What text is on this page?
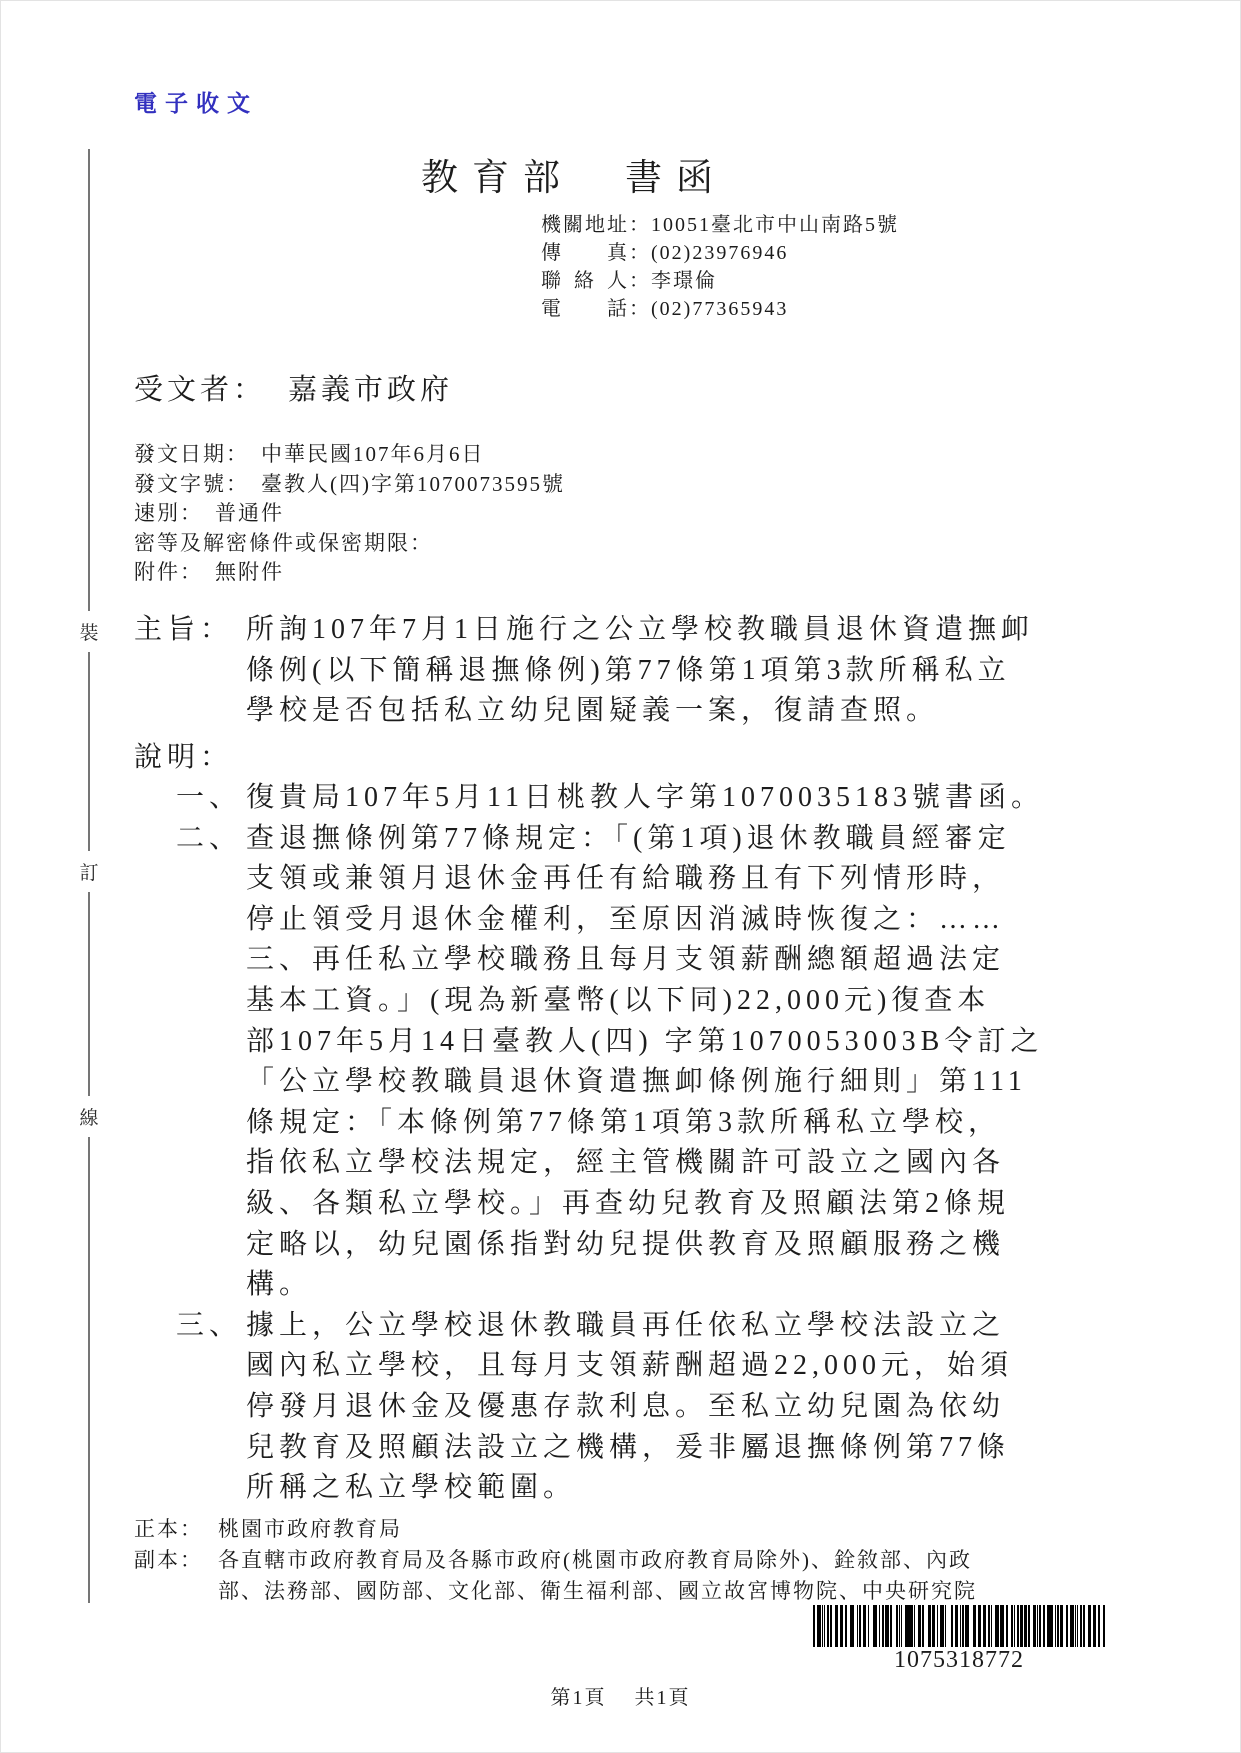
裝
訂
線
電子收文
教育部　書函
機關地址：10051臺北市中山南路5號
傳真：(02)23976946
聯絡人：李璟倫
電話：(02)77365943
受文者： 嘉義市政府
發文日期： 中華民國107年6月6日
發文字號： 臺教人(四)字第1070073595號
速別： 普通件
密等及解密條件或保密期限：
附件： 無附件
主旨： 所詢107年7月1日施行之公立學校教職員退休資遣撫卹
條例(以下簡稱退撫條例)第77條第1項第3款所稱私立
學校是否包括私立幼兒園疑義一案，復請查照。
說明：
一、 復貴局107年5月11日桃教人字第1070035183號書函。
二、 查退撫條例第77條規定：「(第1項)退休教職員經審定
支領或兼領月退休金再任有給職務且有下列情形時，
停止領受月退休金權利，至原因消滅時恢復之：……
三、再任私立學校職務且每月支領薪酬總額超過法定
基本工資。」(現為新臺幣(以下同)22,000元)復查本
部107年5月14日臺教人(四) 字第1070053003B令訂之
「公立學校教職員退休資遣撫卹條例施行細則」第111
條規定：「本條例第77條第1項第3款所稱私立學校，
指依私立學校法規定，經主管機關許可設立之國內各
級、各類私立學校。」再查幼兒教育及照顧法第2條規
定略以，幼兒園係指對幼兒提供教育及照顧服務之機
構。
三、 據上，公立學校退休教職員再任依私立學校法設立之
國內私立學校，且每月支領薪酬超過22,000元，始須
停發月退休金及優惠存款利息。至私立幼兒園為依幼
兒教育及照顧法設立之機構，爰非屬退撫條例第77條
所稱之私立學校範圍。
正本： 桃園市政府教育局
副本： 各直轄市政府教育局及各縣市政府(桃園市政府教育局除外)、銓敘部、內政
部、法務部、國防部、文化部、衛生福利部、國立故宮博物院、中央研究院
1075318772
第1頁 共1頁
